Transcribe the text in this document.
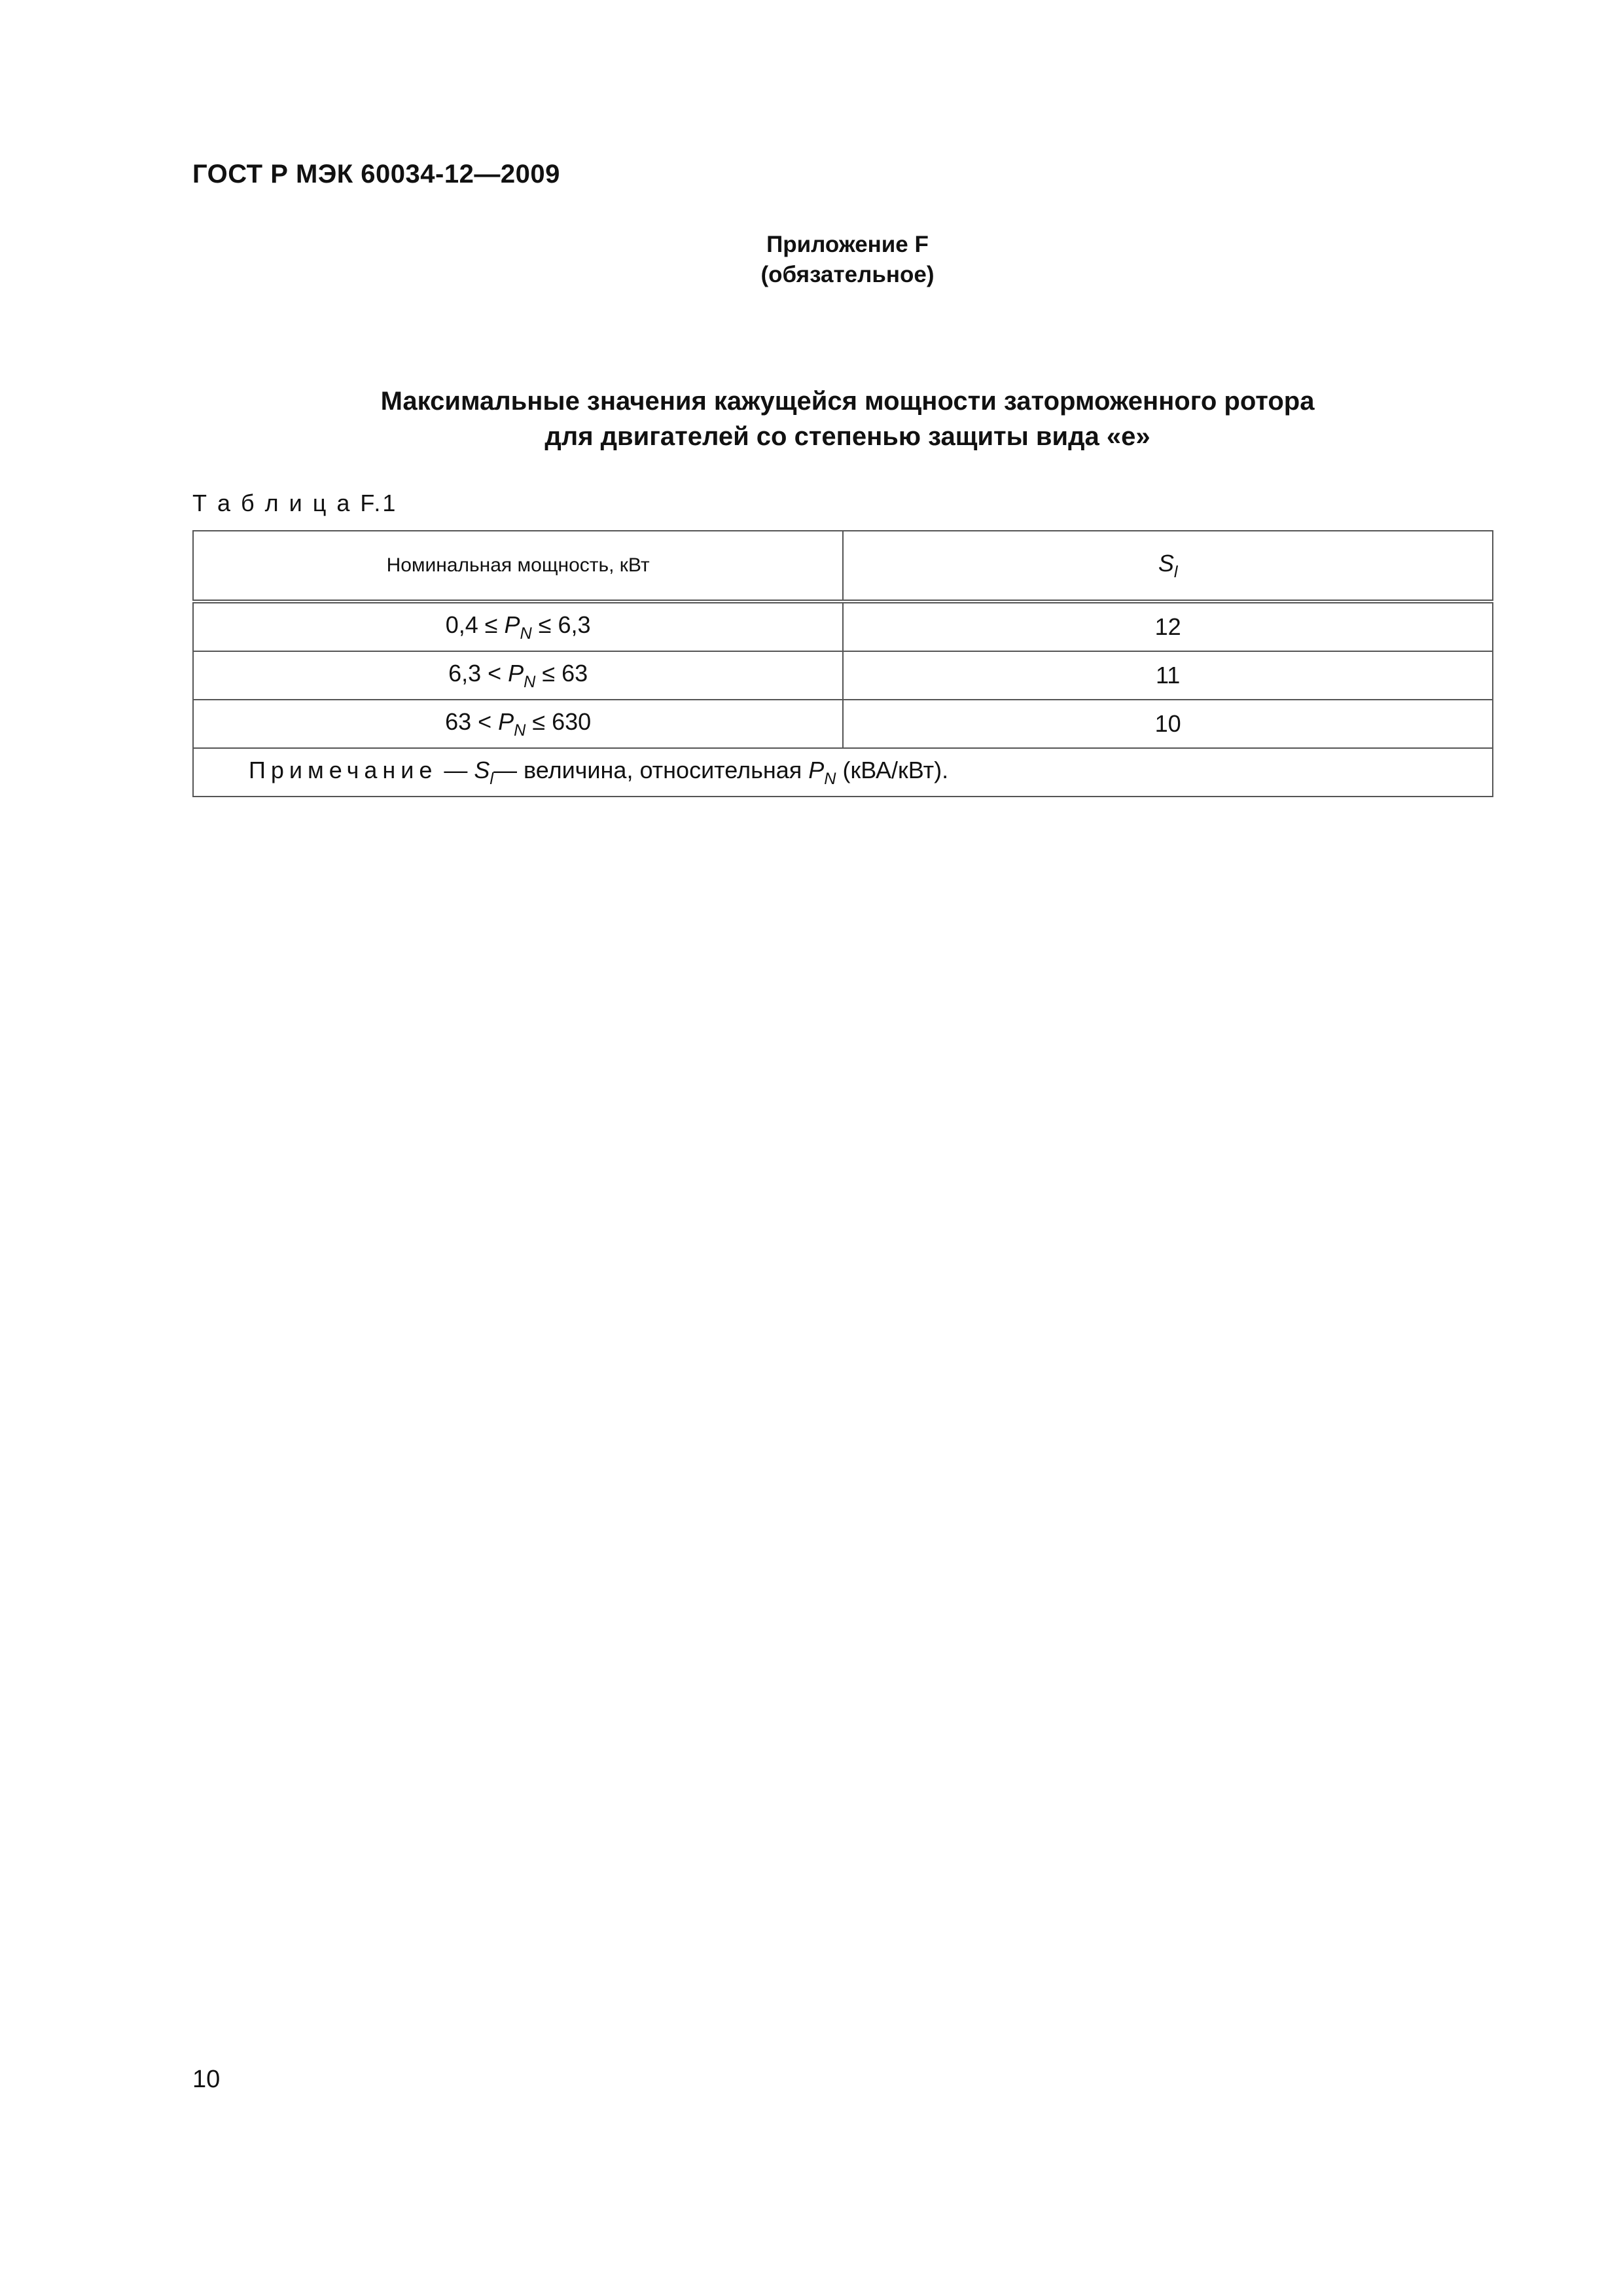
ГОСТ Р МЭК 60034-12—2009
Приложение F
(обязательное)
Максимальные значения кажущейся мощности заторможенного ротора
для двигателей со степенью защиты вида «е»
Т а б л и ц а F.1
Номинальная мощность, кВт	$S_l$
$0,4 \le P_N \le 6,3$	12
$6,3 < P_N \le 63$	11
$63 < P_N \le 630$	10
Примечание — $S_l—$ величина, относительная $P_N$ (кВА/кВт).	
10
